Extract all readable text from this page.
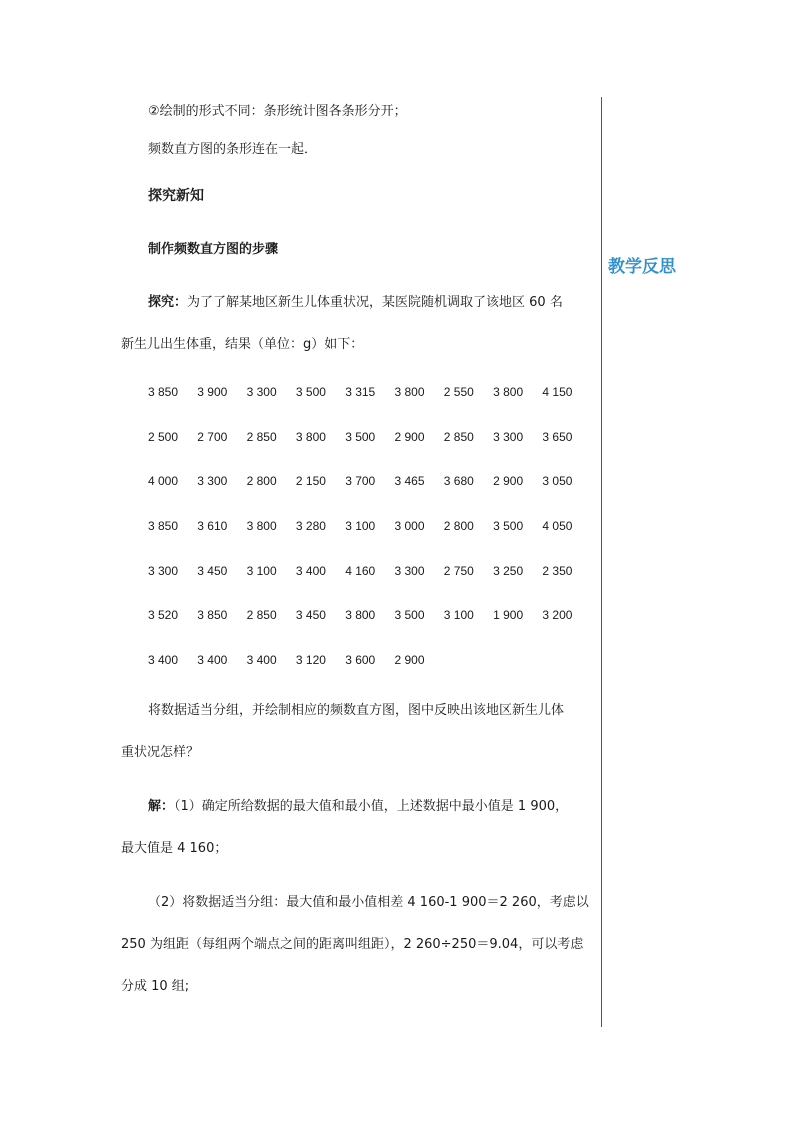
②绘制的形式不同：条形统计图各条形分开；
频数直方图的条形连在一起．
探究新知
制作频数直方图的步骤
探究：为了了解某地区新生儿体重状况，某医院随机调取了该地区 60 名
新生儿出生体重，结果（单位：g）如下：
3 850 3 900 3 300 3 500 3 315 3 800 2 550 3 800 4 150
2 500 2 700 2 850 3 800 3 500 2 900 2 850 3 300 3 650
4 000 3 300 2 800 2 150 3 700 3 465 3 680 2 900 3 050
3 850 3 610 3 800 3 280 3 100 3 000 2 800 3 500 4 050
3 300 3 450 3 100 3 400 4 160 3 300 2 750 3 250 2 350
3 520 3 850 2 850 3 450 3 800 3 500 3 100 1 900 3 200
3 400 3 400 3 400 3 120 3 600 2 900
将数据适当分组，并绘制相应的频数直方图，图中反映出该地区新生儿体
重状况怎样？
解：（1）确定所给数据的最大值和最小值，上述数据中最小值是 1 900，
最大值是 4 160；
（2）将数据适当分组：最大值和最小值相差 4 160-1 900＝2 260，考虑以
250 为组距（每组两个端点之间的距离叫组距），2 260÷250＝9.04，可以考虑
分成 10 组;
教学反思
